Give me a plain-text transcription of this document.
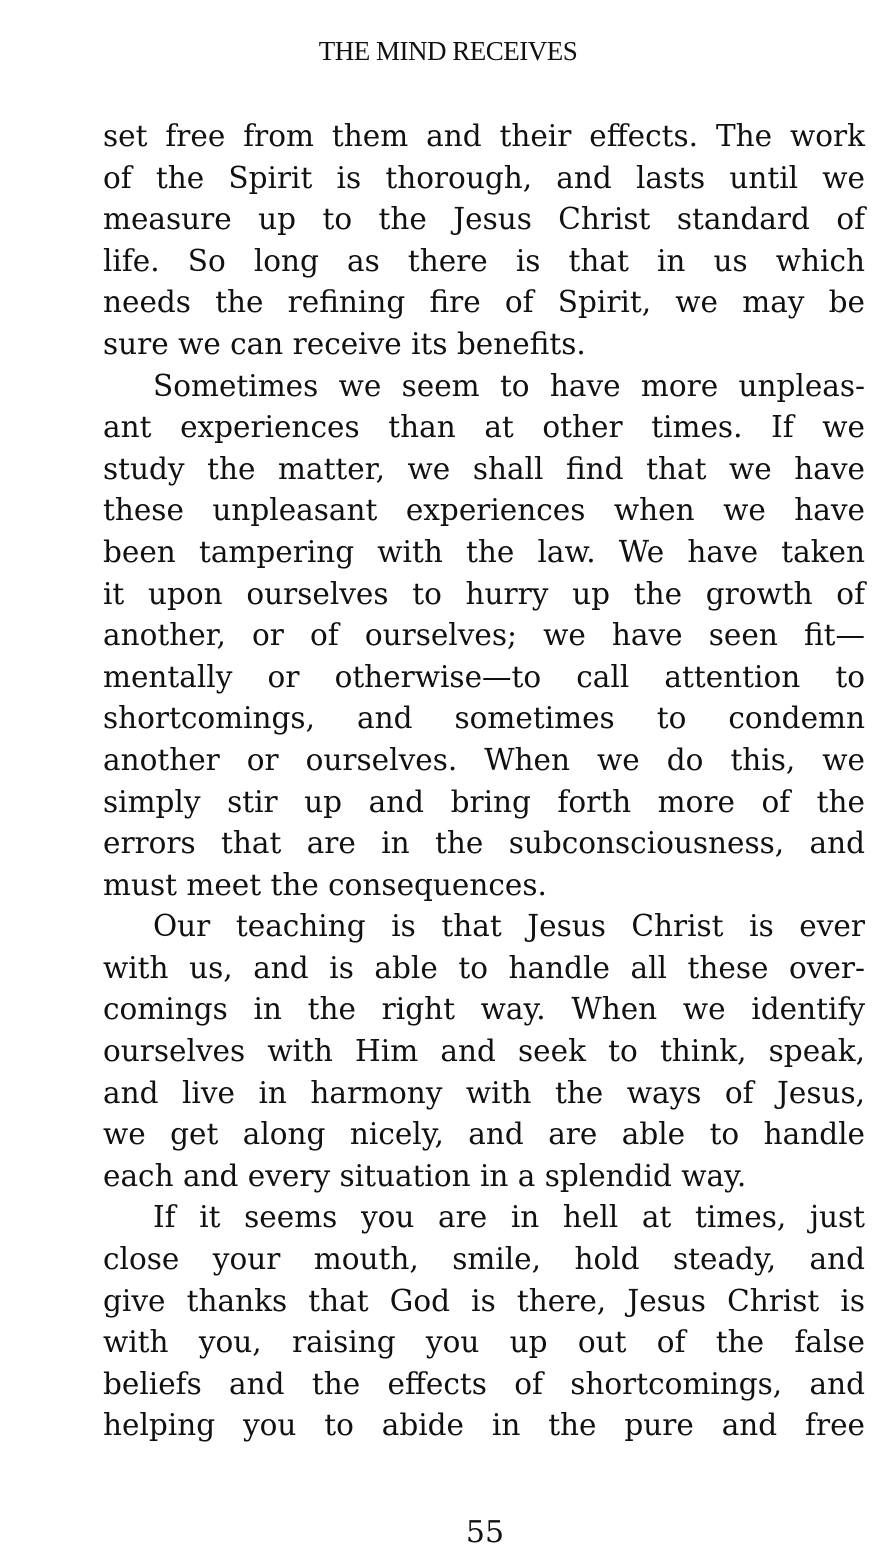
THE MIND RECEIVES
set free from them and their effects. The work
of the Spirit is thorough, and lasts until we
measure up to the Jesus Christ standard of
life. So long as there is that in us which
needs the refining fire of Spirit, we may be
sure we can receive its benefits.
Sometimes we seem to have more unpleas-
ant experiences than at other times. If we
study the matter, we shall find that we have
these unpleasant experiences when we have
been tampering with the law. We have taken
it upon ourselves to hurry up the growth of
another, or of ourselves; we have seen fit—
mentally or otherwise—to call attention to
shortcomings, and sometimes to condemn
another or ourselves. When we do this, we
simply stir up and bring forth more of the
errors that are in the subconsciousness, and
must meet the consequences.
Our teaching is that Jesus Christ is ever
with us, and is able to handle all these over-
comings in the right way. When we identify
ourselves with Him and seek to think, speak,
and live in harmony with the ways of Jesus,
we get along nicely, and are able to handle
each and every situation in a splendid way.
If it seems you are in hell at times, just
close your mouth, smile, hold steady, and
give thanks that God is there, Jesus Christ is
with you, raising you up out of the false
beliefs and the effects of shortcomings, and
helping you to abide in the pure and free
55
